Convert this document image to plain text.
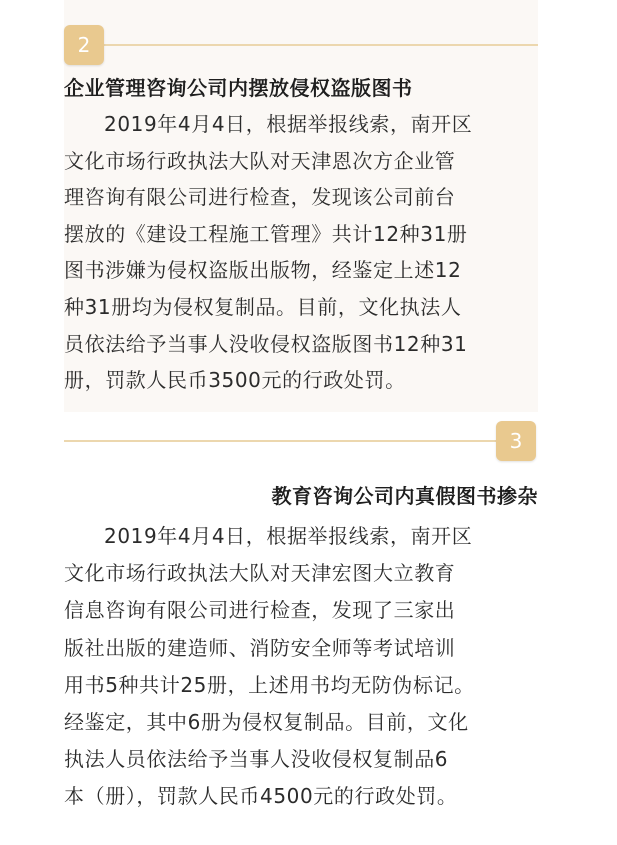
2
企业管理咨询公司内摆放侵权盗版图书
2019年4月4日，根据举报线索，南开区
文化市场行政执法大队对天津恩次方企业管
理咨询有限公司进行检查，发现该公司前台
摆放的《建设工程施工管理》共计12种31册
图书涉嫌为侵权盗版出版物，经鉴定上述12
种31册均为侵权复制品。目前，文化执法人
员依法给予当事人没收侵权盗版图书12种31
册，罚款人民币3500元的行政处罚。
3
教育咨询公司内真假图书掺杂
2019年4月4日，根据举报线索，南开区
文化市场行政执法大队对天津宏图大立教育
信息咨询有限公司进行检查，发现了三家出
版社出版的建造师、消防安全师等考试培训
用书5种共计25册，上述用书均无防伪标记。
经鉴定，其中6册为侵权复制品。目前，文化
执法人员依法给予当事人没收侵权复制品6
本（册），罚款人民币4500元的行政处罚。
